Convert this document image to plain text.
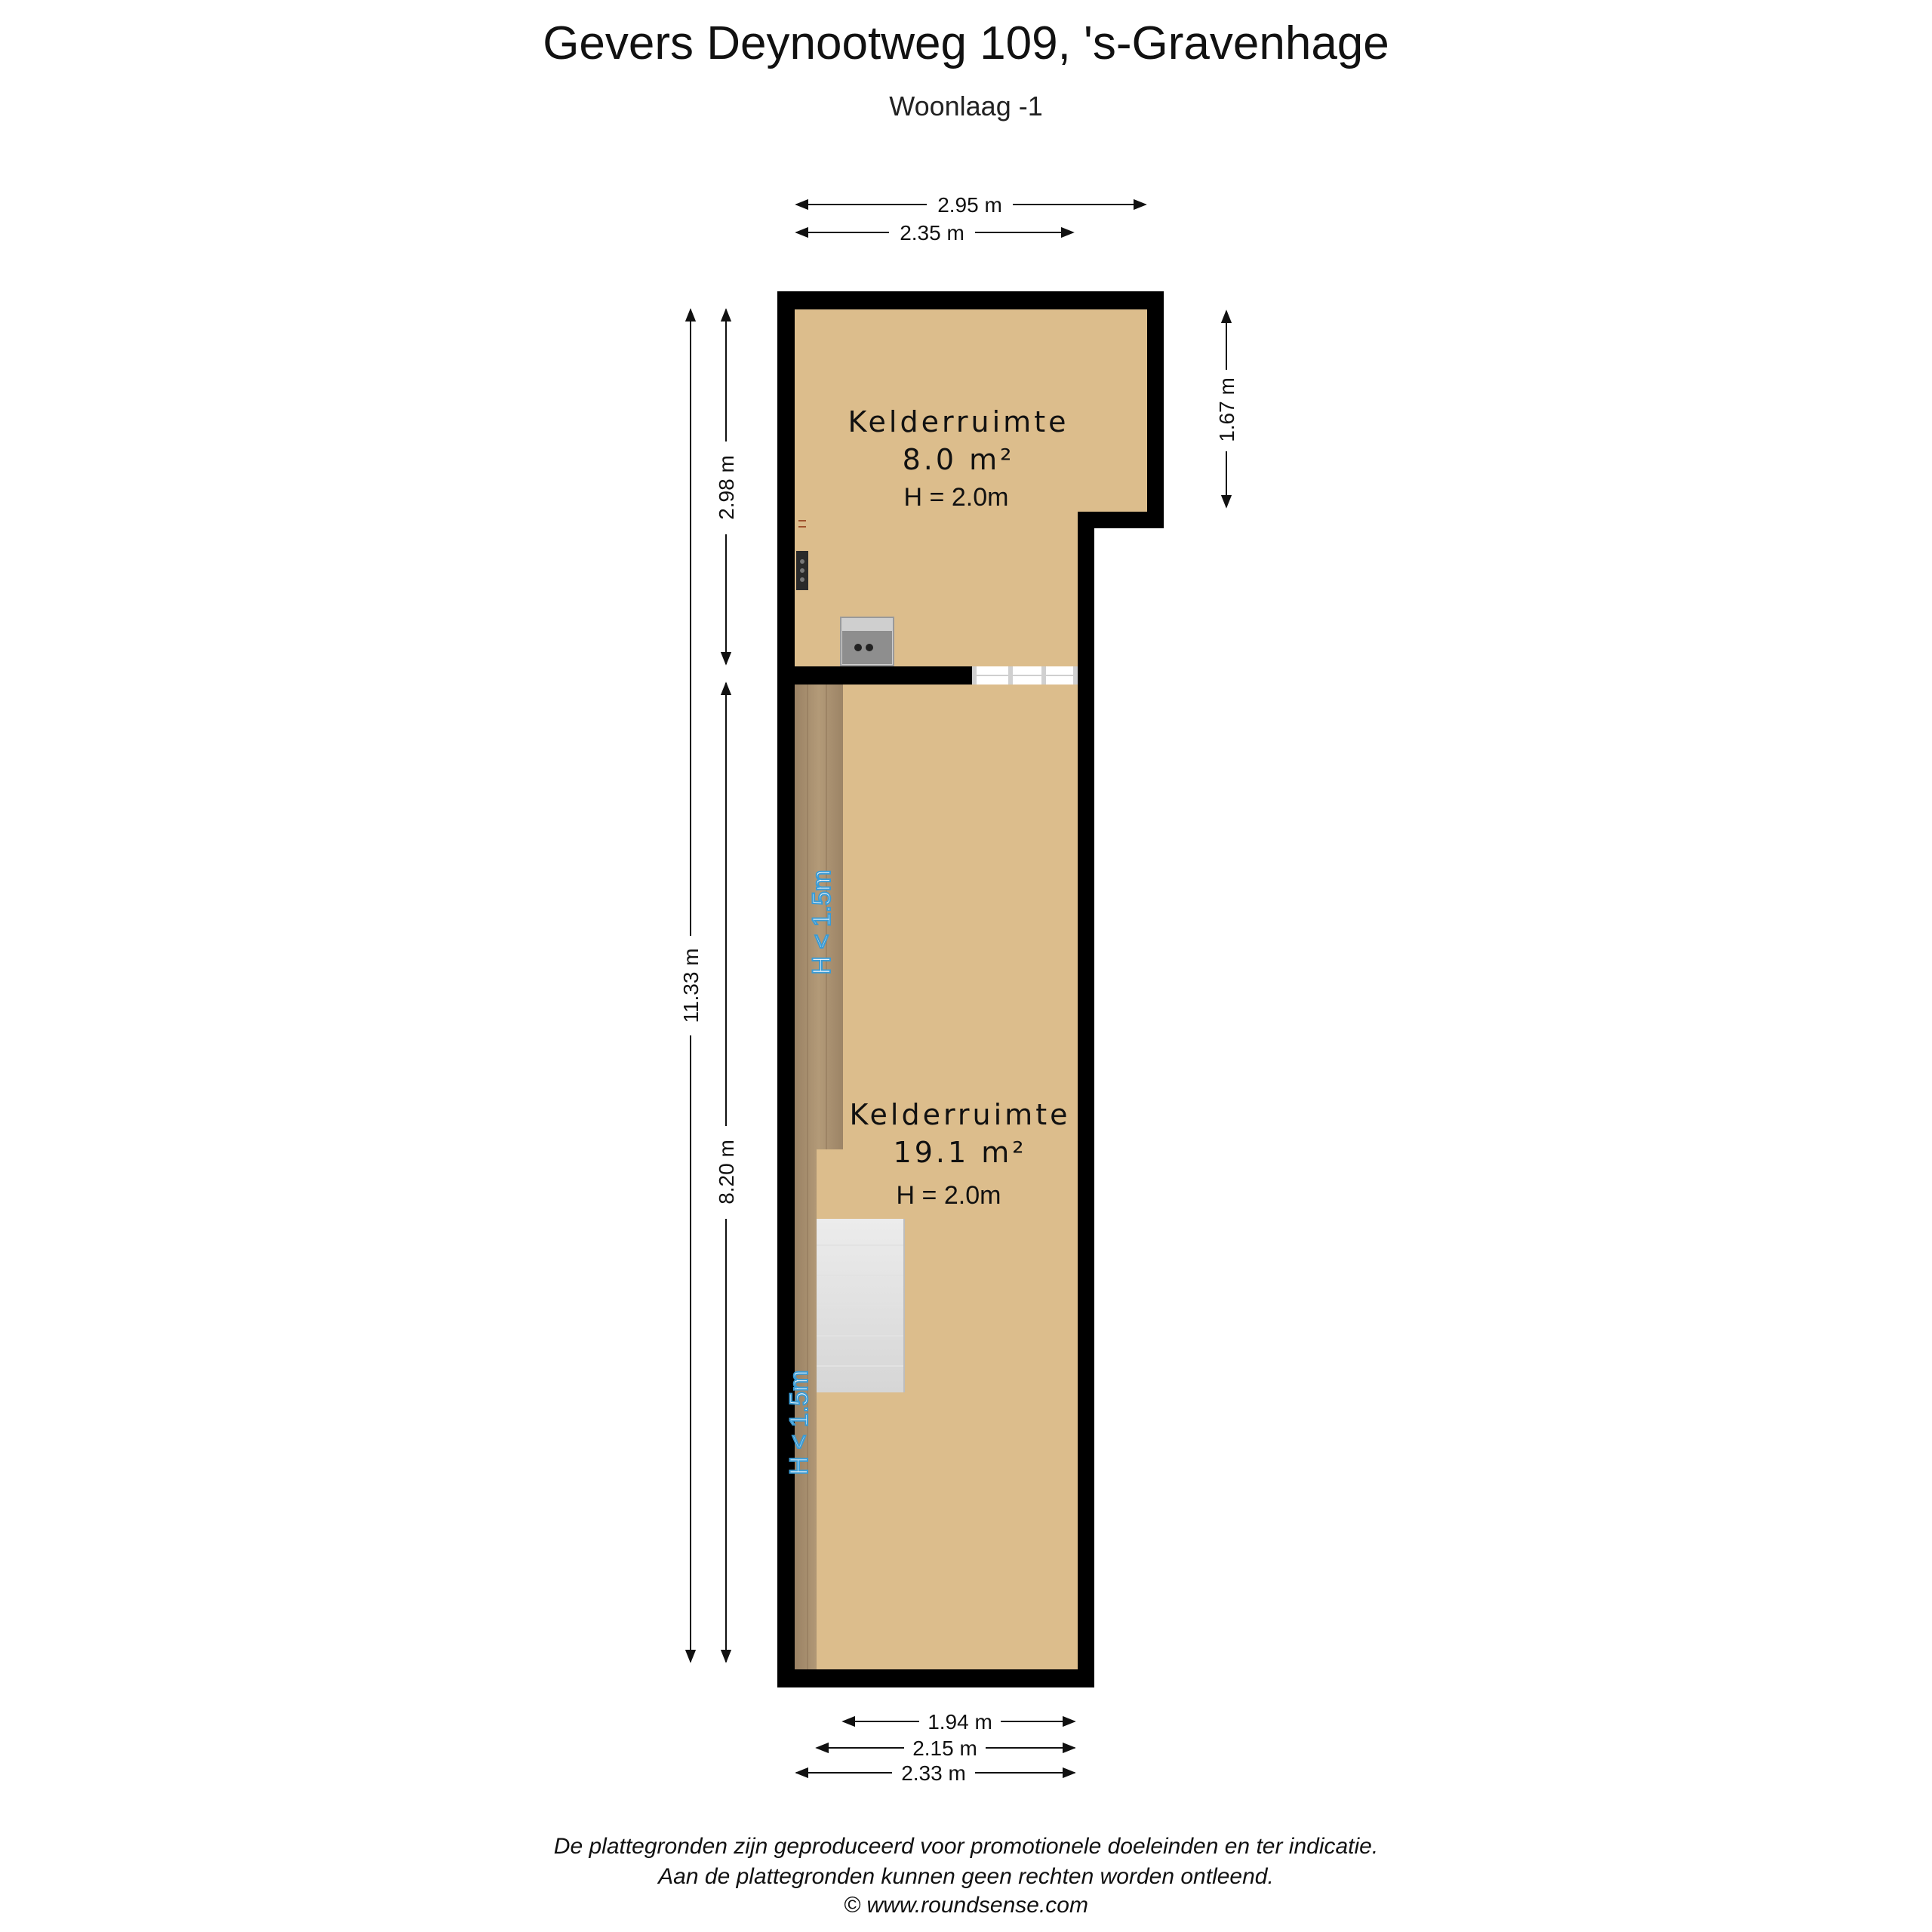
Gevers Deynootweg 109, 's-Gravenhage
Woonlaag -1
Kelderruimte
8.0 m²
H = 2.0m
Kelderruimte
19.1 m²
H = 2.0m
H < 1.5m
H < 1.5m
2.95 m
2.35 m
1.67 m
11.33 m
2.98 m
8.20 m
1.94 m
2.15 m
2.33 m
De plattegronden zijn geproduceerd voor promotionele doeleinden en ter indicatie.
Aan de plattegronden kunnen geen rechten worden ontleend.
© www.roundsense.com
